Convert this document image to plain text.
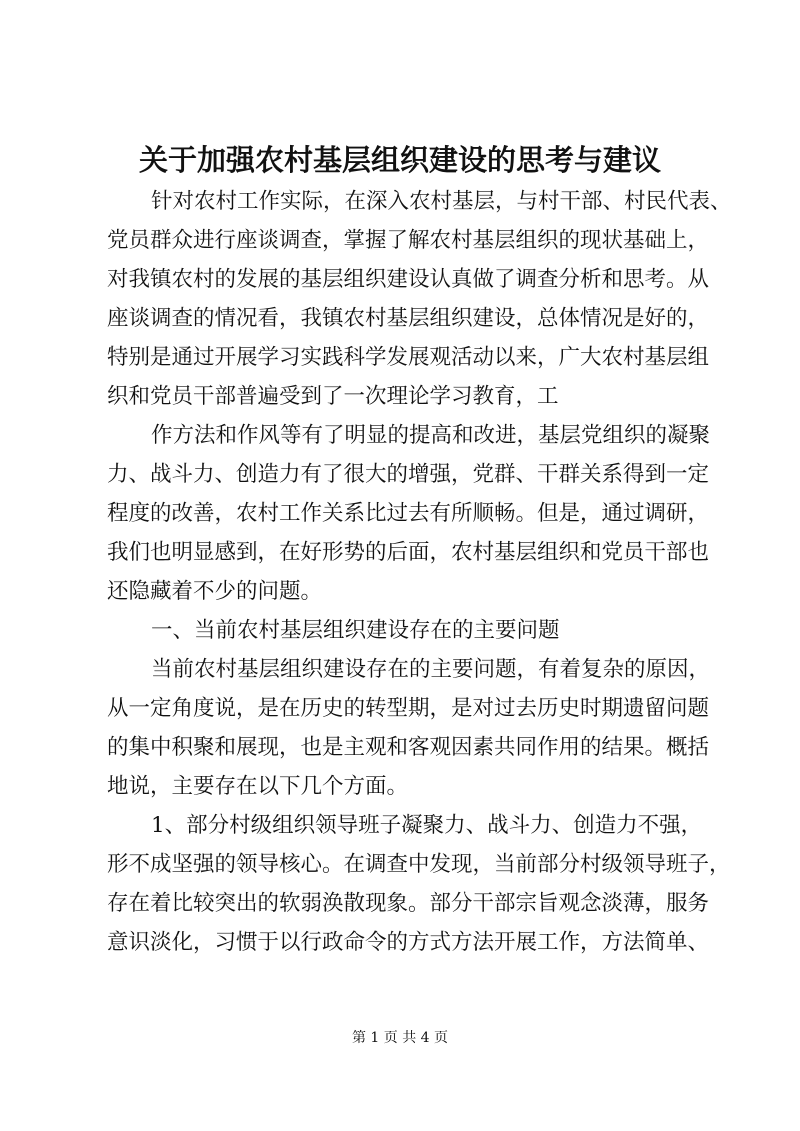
关于加强农村基层组织建设的思考与建议
针对农村工作实际，在深入农村基层，与村干部、村民代表、
党员群众进行座谈调查，掌握了解农村基层组织的现状基础上，
对我镇农村的发展的基层组织建设认真做了调查分析和思考。从
座谈调查的情况看，我镇农村基层组织建设，总体情况是好的，
特别是通过开展学习实践科学发展观活动以来，广大农村基层组
织和党员干部普遍受到了一次理论学习教育，工
作方法和作风等有了明显的提高和改进，基层党组织的凝聚
力、战斗力、创造力有了很大的增强，党群、干群关系得到一定
程度的改善，农村工作关系比过去有所顺畅。但是，通过调研，
我们也明显感到，在好形势的后面，农村基层组织和党员干部也
还隐藏着不少的问题。
一、当前农村基层组织建设存在的主要问题
当前农村基层组织建设存在的主要问题，有着复杂的原因，
从一定角度说，是在历史的转型期，是对过去历史时期遗留问题
的集中积聚和展现，也是主观和客观因素共同作用的结果。概括
地说，主要存在以下几个方面。
1、部分村级组织领导班子凝聚力、战斗力、创造力不强，
形不成坚强的领导核心。在调查中发现，当前部分村级领导班子，
存在着比较突出的软弱涣散现象。部分干部宗旨观念淡薄，服务
意识淡化，习惯于以行政命令的方式方法开展工作，方法简单、
第 1 页 共 4 页
